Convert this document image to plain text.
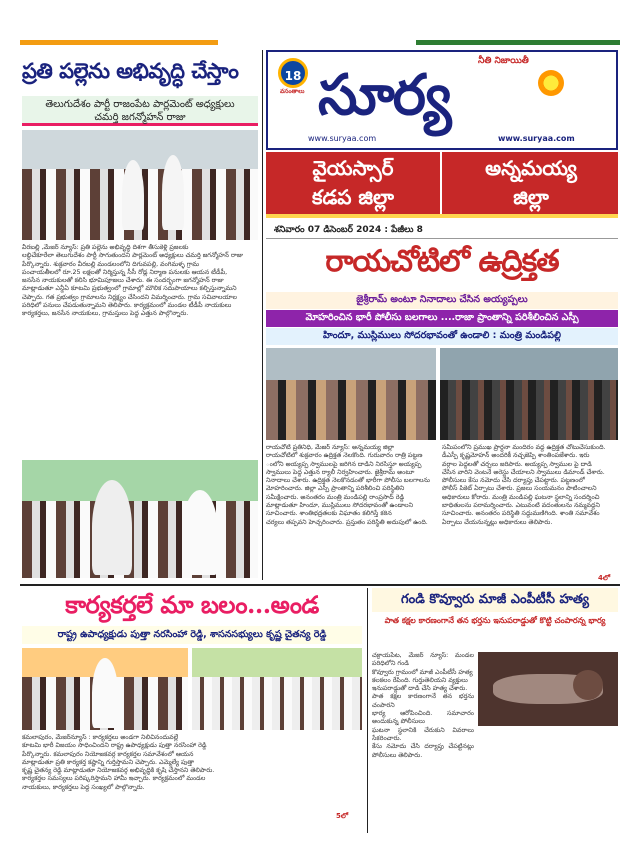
ప్రతి పల్లెను అభివృద్ధి చేస్తాం
తెలుగుదేశం పార్టీ రాజంపేట పార్లమెంట్ అధ్యక్షులు
చమర్తి జగన్మోహన్ రాజు
వీరబల్లి ,మేజర్ న్యూస్: ప్రతి పల్లెను అభివృద్ధి దిశగా తీసుకెళ్లి ప్రజలకు
లబ్ధిచేకూరేలా తెలుగుదేశం పార్టీ సాగుతుందని పార్లమెంట్ అధ్యక్షులు చమర్తి జగన్మోహన్ రాజు
పేర్కొన్నారు. శుక్రవారం వీరబల్లి మండలంలోని దిగువపల్లి, వంగిమళ్ళ గ్రామ
పంచాయతీలలో రూ.25 లక్షలతో నిర్మిస్తున్న సీసీ రోడ్ల నిర్మాణ పనులకు ఆయన టీడీపీ,
జనసేన నాయకులతో కలిసి భూమిపూజలు చేశారు. ఈ సందర్భంగా జగన్మోహన్ రాజు
మాట్లాడుతూ ఎన్డీఏ కూటమి ప్రభుత్వంలో గ్రామాల్లో మౌలిక సదుపాయాలు కల్పిస్తున్నామని
చెప్పారు. గత ప్రభుత్వం గ్రామాలను నిర్లక్ష్యం చేసిందని విమర్శించారు. గ్రామ సచివాలయాల
పరిధిలో పనులు చేపడుతున్నామని తెలిపారు. కార్యక్రమంలో మండల టీడీపీ నాయకులు
కార్యకర్తలు, జనసేన నాయకులు, గ్రామస్తులు పెద్ద ఎత్తున పాల్గొన్నారు.
18
వసంతాలు
నీతి నిజాయితీ
సూర్య
www.suryaa.com	www.suryaa.com
వైయస్సార్
కడప జిల్లా
అన్నమయ్య
జిల్లా
శనివారం 07 డిసెంబర్ 2024 : పేజీలు 8
రాయచోటిలో ఉద్రిక్తత
జైశ్రీరామ్ అంటూ నినాదాలు చేసిన అయ్యప్పలు
మోహరించిన భారీ పోలీసు బలగాలు ....రాజా ప్రాంతాన్ని పరిశీలించిన ఎస్పీ
హిందూ, ముస్లిములు సోదరభావంతో ఉండాలి : మంత్రి మండిపల్లి
రాయచోటి ప్రతినిధి, మేజర్ న్యూస్: అన్నమయ్య జిల్లా
రాయచోటిలో శుక్రవారం ఉద్రిక్తత నెలకొంది. గురువారం రాత్రి పట్టణ
ంలోని అయ్యప్ప స్వాములపై జరిగిన దాడిని నిరసిస్తూ అయ్యప్ప
స్వాములు పెద్ద ఎత్తున ర్యాలీ నిర్వహించారు. జైశ్రీరామ్ అంటూ
నినాదాలు చేశారు. ఉద్రిక్తత నెలకొనడంతో భారీగా పోలీసు బలగాలను
మోహరించారు. జిల్లా ఎస్పీ ప్రాంతాన్ని పరిశీలించి పరిస్థితిని
సమీక్షించారు. అనంతరం మంత్రి మండిపల్లి రాంప్రసాద్ రెడ్డి
మాట్లాడుతూ హిందూ, ముస్లిములు సోదరభావంతో ఉండాలని
సూచించారు. శాంతిభద్రతలకు విఘాతం కలిగిస్తే కఠిన
చర్యలు తప్పవని హెచ్చరించారు. ప్రస్తుతం పరిస్థితి అదుపులో ఉంది.
సమీపంలోని ప్రముఖ ప్రార్థనా మందిరం వద్ద ఉద్రిక్తత చోటుచేసుకుంది.
డీఎస్పీ కృష్ణమోహన్ అందరికీ నచ్చజెప్పి శాంతింపజేశారు. ఇరు
వర్గాల పెద్దలతో చర్చలు జరిపారు. అయ్యప్ప స్వాముల పై దాడి
చేసిన వారిని వెంటనే అరెస్టు చేయాలని స్వాములు డిమాండ్ చేశారు.
పోలీసులు కేసు నమోదు చేసి దర్యాప్తు చేపట్టారు. పట్టణంలో
పోలీస్ పికెట్ ఏర్పాటు చేశారు. ప్రజలు సంయమనం పాటించాలని
అధికారులు కోరారు. మంత్రి మండిపల్లి ఘటనా స్థలాన్ని సందర్శించి
బాధితులను పరామర్శించారు. ఎటువంటి వదంతులను నమ్మవద్దని
సూచించారు. అనంతరం పరిస్థితి సద్దుమణిగింది. శాంతి సమావేశం
ఏర్పాటు చేయనున్నట్లు అధికారులు తెలిపారు.
4లో
కార్యకర్తలే మా బలం...అండ
రాష్ట్ర ఉపాధ్యక్షుడు పుత్తా నరసింహా రెడ్డి, శాసనసభ్యులు కృష్ణ చైతన్య రెడ్డి
కమలాపురం, మేజర్‌న్యూస్ : కార్యకర్తలు అండగా నిలిచినందువల్లే
కూటమి భారీ విజయం సాధించిందని రాష్ట్ర ఉపాధ్యక్షుడు పుత్తా నరసింహా రెడ్డి
పేర్కొన్నారు. కమలాపురం నియోజకవర్గ కార్యకర్తల సమావేశంలో ఆయన
మాట్లాడుతూ ప్రతి కార్యకర్త కష్టాన్ని గుర్తిస్తామని చెప్పారు. ఎమ్మెల్యే పుత్తా
కృష్ణ చైతన్య రెడ్డి మాట్లాడుతూ నియోజకవర్గ అభివృద్ధికి కృషి చేస్తానని తెలిపారు.
కార్యకర్తల సమస్యలు పరిష్కరిస్తామని హామీ ఇచ్చారు. కార్యక్రమంలో మండల
నాయకులు, కార్యకర్తలు పెద్ద సంఖ్యలో పాల్గొన్నారు.
5లో
గండి కొవ్వూరు మాజీ ఎంపీటీసీ హత్య
పాత కక్షల కారణంగానే తన భర్తను ఇనుపరాడ్డుతో కొట్టి చంపారన్న భార్య
చక్రాయపేట, మేజర్ న్యూస్: మండల పరిధిలోని గండి
కొవ్వూరు గ్రామంలో మాజీ ఎంపీటీసీ హత్య
కలకలం రేపింది. గుర్తుతెలియని వ్యక్తులు
ఇనుపరాడ్డుతో దాడి చేసి హత్య చేశారు.
పాత కక్షల కారణంగానే తన భర్తను చంపారని
భార్య ఆరోపించింది. సమాచారం అందుకున్న పోలీసులు
ఘటనా స్థలానికి చేరుకుని వివరాలు సేకరించారు.
కేసు నమోదు చేసి దర్యాప్తు చేపట్టినట్లు పోలీసులు తెలిపారు.
